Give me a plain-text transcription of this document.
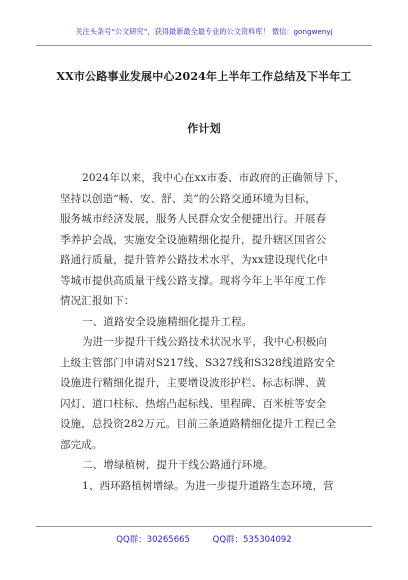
关注头条号“公文研究”，获得最新最全最专业的公文资料库！ 微信：gongwenyj
XX市公路事业发展中心2024年上半年工作总结及下半年工
作计划
2024年以来，我中心在xx市委、市政府的正确领导下，
坚持以创造“畅、安、舒、美”的公路交通环境为目标，
服务城市经济发展，服务人民群众安全便捷出行。开展春
季养护会战，实施安全设施精细化提升，提升辖区国省公
路通行质量，提升管养公路技术水平，为xx建设现代化中
等城市提供高质量干线公路支撑。现将今年上半年度工作
情况汇报如下：
一、道路安全设施精细化提升工程。
为进一步提升干线公路技术状况水平，我中心积极向
上级主管部门申请对S217线、S327线和S328线道路安全
设施进行精细化提升，主要增设波形护栏、标志标牌、黄
闪灯、道口柱标、热熔凸起标线、里程碑、百米桩等安全
设施，总投资282万元。目前三条道路精细化提升工程已全
部完成。
二、增绿植树，提升干线公路通行环境。
1、西环路植树增绿。为进一步提升道路生态环境，营
QQ群：30265665	QQ群：535304092
